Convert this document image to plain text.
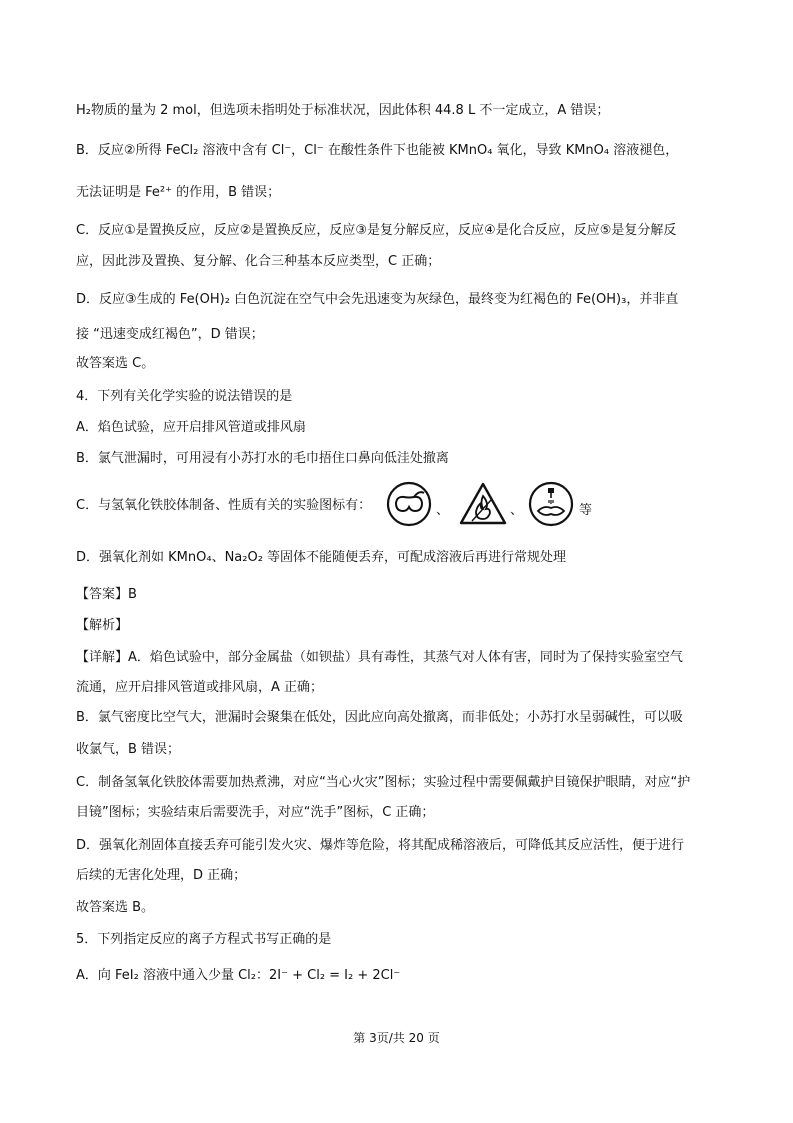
H₂物质的量为 2 mol，但选项未指明处于标准状况，因此体积 44.8 L 不一定成立，A 错误；
B．反应②所得 FeCl₂ 溶液中含有 Cl⁻，Cl⁻ 在酸性条件下也能被 KMnO₄ 氧化，导致 KMnO₄ 溶液褪色，
无法证明是 Fe²⁺ 的作用，B 错误；
C．反应①是置换反应，反应②是置换反应，反应③是复分解反应，反应④是化合反应，反应⑤是复分解反
应，因此涉及置换、复分解、化合三种基本反应类型，C 正确；
D．反应③生成的 Fe(OH)₂ 白色沉淀在空气中会先迅速变为灰绿色，最终变为红褐色的 Fe(OH)₃，并非直
接 “迅速变成红褐色”，D 错误；
故答案选 C。
4．下列有关化学实验的说法错误的是
A．焰色试验，应开启排风管道或排风扇
B．氯气泄漏时，可用浸有小苏打水的毛巾捂住口鼻向低洼处撤离
C．与氢氧化铁胶体制备、性质有关的实验图标有：	、	、	等
D．强氧化剂如 KMnO₄、Na₂O₂ 等固体不能随便丢弃，可配成溶液后再进行常规处理
【答案】B
【解析】
【详解】A．焰色试验中，部分金属盐（如钡盐）具有毒性，其蒸气对人体有害，同时为了保持实验室空气
流通，应开启排风管道或排风扇，A 正确；
B．氯气密度比空气大，泄漏时会聚集在低处，因此应向高处撤离，而非低处；小苏打水呈弱碱性，可以吸
收氯气，B 错误；
C．制备氢氧化铁胶体需要加热煮沸，对应“当心火灾”图标；实验过程中需要佩戴护目镜保护眼睛，对应“护
目镜”图标；实验结束后需要洗手，对应“洗手”图标，C 正确；
D．强氧化剂固体直接丢弃可能引发火灾、爆炸等危险，将其配成稀溶液后，可降低其反应活性，便于进行
后续的无害化处理，D 正确；
故答案选 B。
5．下列指定反应的离子方程式书写正确的是
A．向 FeI₂ 溶液中通入少量 Cl₂：2I⁻ + Cl₂ = I₂ + 2Cl⁻
第 3页/共 20 页
